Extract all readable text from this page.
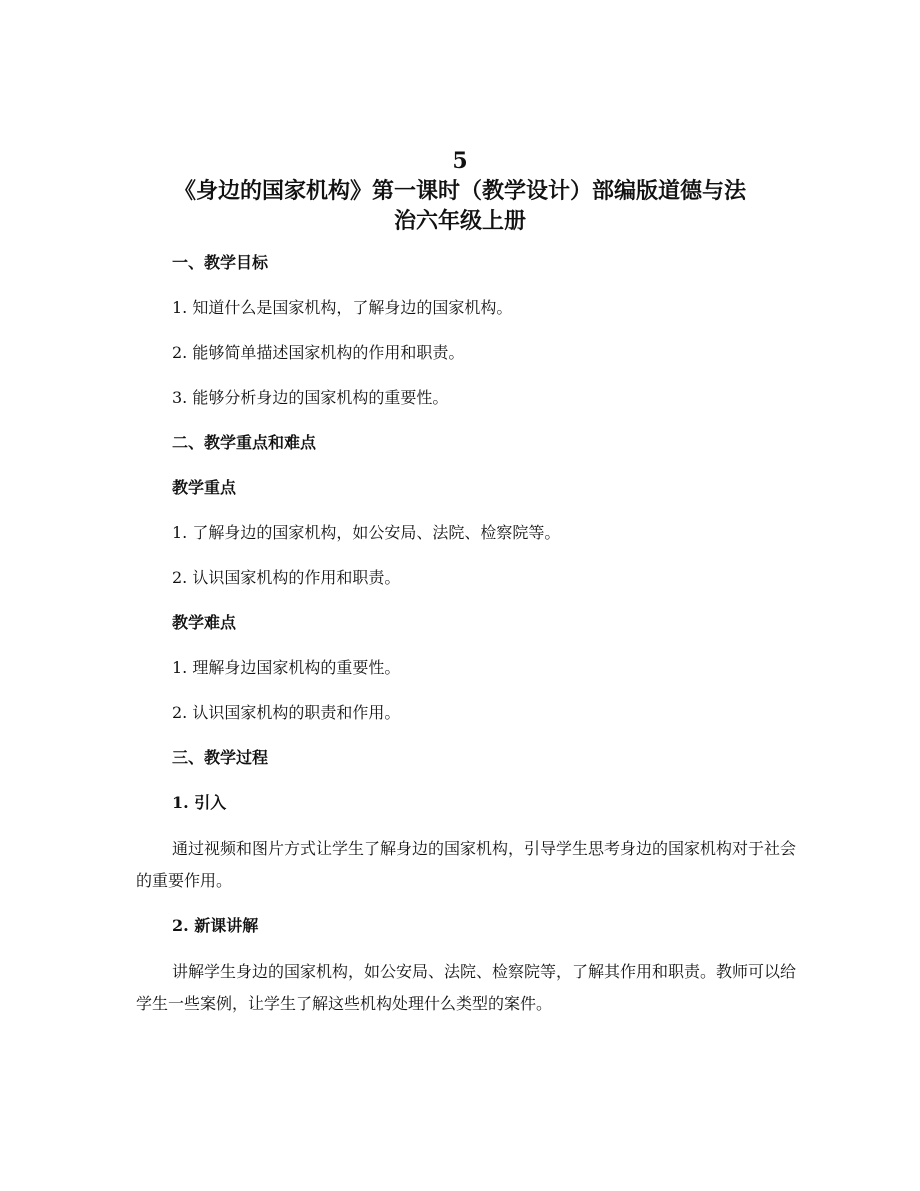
5
《身边的国家机构》第一课时（教学设计）部编版道德与法
治六年级上册
一、教学目标
1. 知道什么是国家机构，了解身边的国家机构。
2. 能够简单描述国家机构的作用和职责。
3. 能够分析身边的国家机构的重要性。
二、教学重点和难点
教学重点
1. 了解身边的国家机构，如公安局、法院、检察院等。
2. 认识国家机构的作用和职责。
教学难点
1. 理解身边国家机构的重要性。
2. 认识国家机构的职责和作用。
三、教学过程
1. 引入
通过视频和图片方式让学生了解身边的国家机构，引导学生思考身边的国家机构对于社会的重要作用。
2. 新课讲解
讲解学生身边的国家机构，如公安局、法院、检察院等，了解其作用和职责。教师可以给学生一些案例，让学生了解这些机构处理什么类型的案件。
